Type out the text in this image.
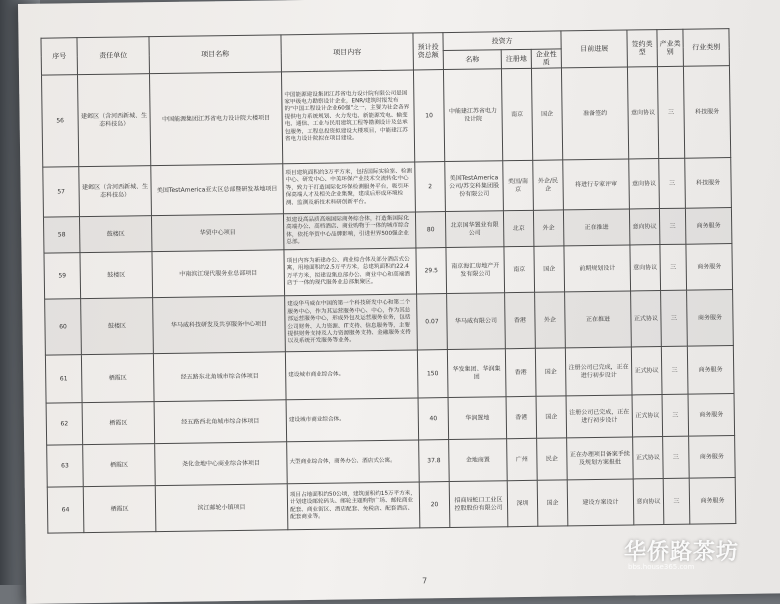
序号	责任单位	项目名称	项目内容	预计投资总额	投资方			目前进展	签约类型	产业类别	行业类别
					名称	注册地	企业性质				
56	建邺区（含河西新城、生态科技岛）	中国能源集团江苏省电力设计院大楼项目	中国能源建设集团江苏省电力设计院有限公司是国家甲级电力勘察设计企业，ENR/建筑时报发布的“中国工程设计企业60强”之一，主要为社会各界提供电力系统规划、火力发电、新能源发电、输变电、通信、工业与民用建筑工程等勘测设计及总承包服务，工程总投资拟建设大楼项目，中能建江苏省电力设计院拟在项目建设。	10	中能建江苏省电力设计院	南京	国企	准备签约	意向协议	三	科技服务
57	建邺区（含河西新城、生态科技岛）	美国TestAmerica亚太区总部暨研发基地项目	项目建筑面积约3万平方米，包括国际实验室、检测中心、研发中心、中美环保产业技术交流转化中心等，致力于打造国际化环保检测服务平台，吸引环保高端人才及相关企业集聚，建成后形成环境检测、监测及新技术科研创新平台。	2	美国TestAmerica公司/苏交科集团股份有限公司	美国/南京	外企/民企	将进行专家评审	意向协议	三	科技服务
58	鼓楼区	华贸中心项目	拟建设高品质高端国际商务综合体，打造集国际化高端办公、高档酒店、商业购物于一体的城市综合体，依托华贸中心品牌影响，引进世界500强企业总部。	80	北京国华置业有限公司	北京	外企	正在推进	意向协议	三	商务服务
59	鼓楼区	中南滨江现代服务业总部项目	项目内容为新建办公、商业综合体及部分酒店式公寓，用地面积约2.5万平方米，总建筑面积约22.4万平方米，拟建设集总部办公、商业中心和高端酒店于一体的现代服务业总部集聚区。	29.5	南京海汇房地产开发有限公司	南京	国企	前期规划设计	意向协议	三	商务服务
60	鼓楼区	华马威科技研发及共享服务中心项目	建设华马威在中国的第一个科技研发中心和第二个服务中心，作为其运营服务中心、中心，作为其总部运营服务中心，形成外包及运营服务业务，包括公司财务、人力资源、IT支持、信息服务等，主要提供财务支持及人力资源服务支持、金融服务支持以及系统开发服务等业务。	0.07	华马威有限公司	香港	外企	正在推进	正式协议	三	商务服务
61	栖霞区	经五路东北角城市综合体项目	建设城市商业综合体。	150	华发集团、华润集团	香港	国企	注册公司已完成，正在进行初步设计	正式协议	三	商务服务
62	栖霞区	经五路西北角城市综合体项目	建设城市商业综合体。	40	华润置地	香港	国企	注册公司已完成，正在进行初步设计	正式协议	三	商务服务
63	栖霞区	尧化金地中心商业综合体项目	大型商业综合体，商务办公、酒店式公寓。	37.8	金地商置	广州	民企	正在办理项目备案手续及规划方案报批	正式协议	三	商务服务
64	栖霞区	滨江邮轮小镇项目	项目占地面积约50公顷，建筑面积约15万平方米，计划建设邮轮码头、邮轮主题购物广场、邮轮商业配套、商业街区、酒店配套、免税店、配套酒店、配套商业等。	20	招商局蛇口工业区控股股份有限公司	深圳	国企	建设方案设计	意向协议	三	商务服务
7
华侨路茶坊
bbs.house365.com
